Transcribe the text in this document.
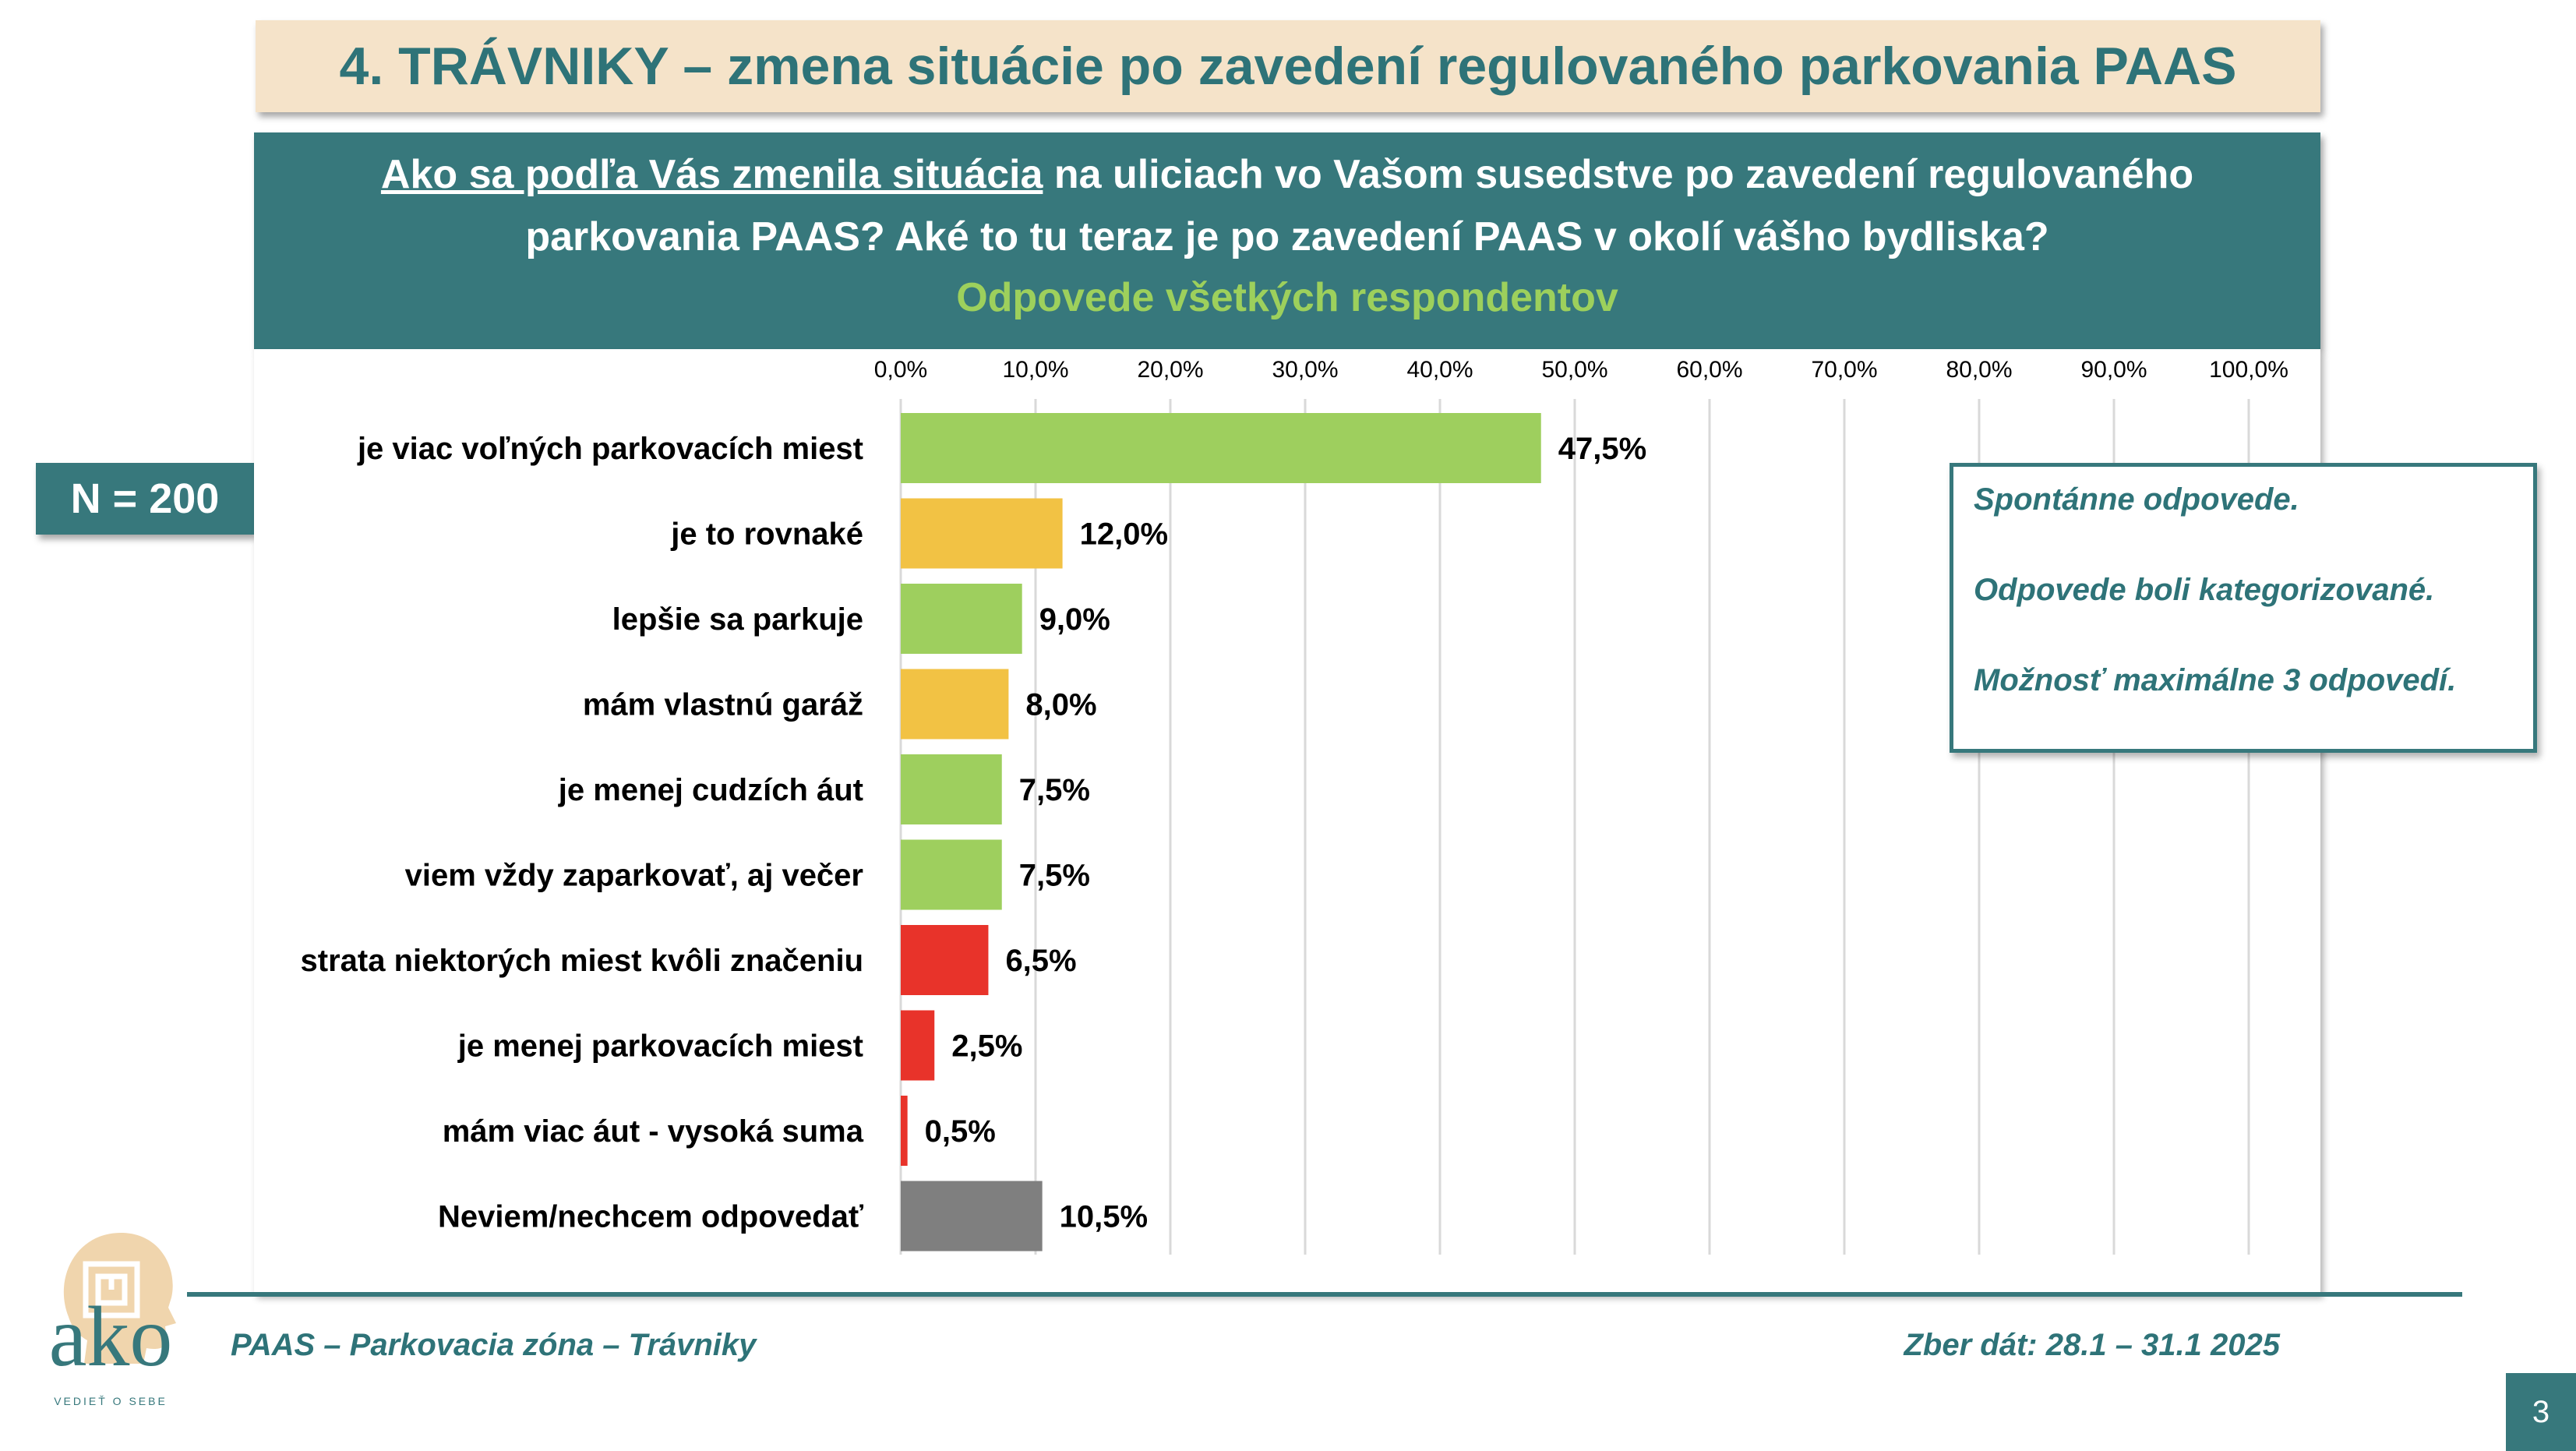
4. TRÁVNIKY – zmena situácie po zavedení regulovaného parkovania PAAS
Ako sa podľa Vás zmenila situácia na uliciach vo Vašom susedstve po zavedení regulovaného
parkovania PAAS? Aké to tu teraz je po zavedení PAAS v okolí vášho bydliska?
Odpovede všetkých respondentov
N = 200
0,0%	10,0%	20,0%	30,0%	40,0%	50,0%	60,0%	70,0%	80,0%	90,0%	100,0%
je viac voľných parkovacích miest	47,5%
je to rovnaké	12,0%
lepšie sa parkuje	9,0%
mám vlastnú garáž	8,0%
je menej cudzích áut	7,5%
viem vždy zaparkovať, aj večer	7,5%
strata niektorých miest kvôli značeniu	6,5%
je menej parkovacích miest	2,5%
mám viac áut - vysoká suma 0,5%
Neviem/nechcem odpovedať	10,5%
Spontánne odpovede.
Odpovede boli kategorizované.
Možnosť maximálne 3 odpovedí.
PAAS – Parkovacia zóna – Trávniky	Zber dát: 28.1 – 31.1 2025
3
ako
VEDIEŤ O SEBE
